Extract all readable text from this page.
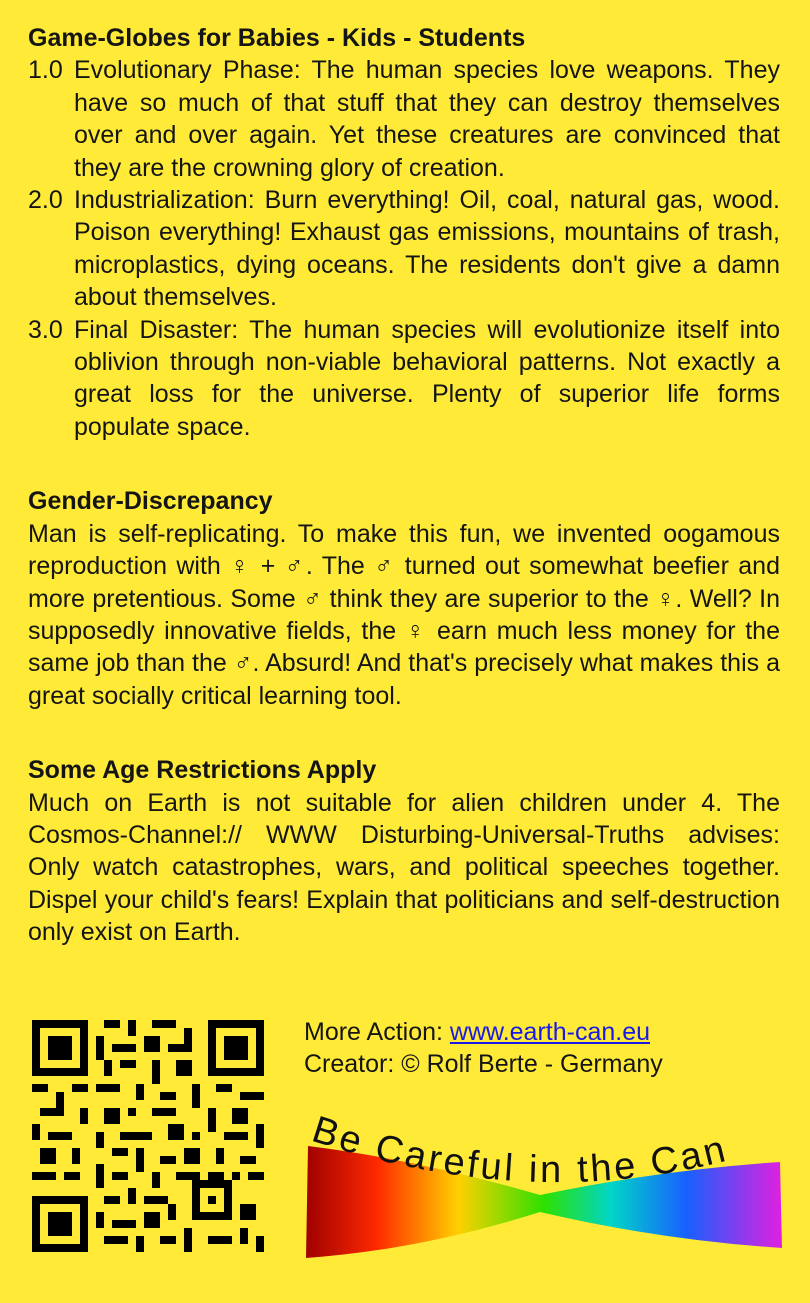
Game-Globes for Babies - Kids - Students
1.0 Evolutionary Phase: The human species love weapons. They have so much of that stuff that they can destroy themselves over and over again. Yet these creatures are convinced that they are the crowning glory of creation.
2.0 Industrialization: Burn everything! Oil, coal, natural gas, wood. Poison everything! Exhaust gas emissions, mountains of trash, microplastics, dying oceans. The residents don't give a damn about themselves.
3.0 Final Disaster: The human species will evolutionize itself into oblivion through non-viable behavioral patterns. Not exactly a great loss for the universe. Plenty of superior life forms populate space.
Gender-Discrepancy
Man is self-replicating. To make this fun, we invented oogamous reproduction with ♀ + ♂. The ♂ turned out somewhat beefier and more pretentious. Some ♂ think they are superior to the ♀. Well? In supposedly innovative fields, the ♀ earn much less money for the same job than the ♂. Absurd! And that's precisely what makes this a great socially critical learning tool.
Some Age Restrictions Apply
Much on Earth is not suitable for alien children under 4. The Cosmos-Channel:// WWW Disturbing-Universal-Truths advises: Only watch catastrophes, wars, and political speeches together. Dispel your child's fears! Explain that politicians and self-destruction only exist on Earth.
More Action: www.earth-can.eu
Creator: © Rolf Berte - Germany
Be Careful in the Can
